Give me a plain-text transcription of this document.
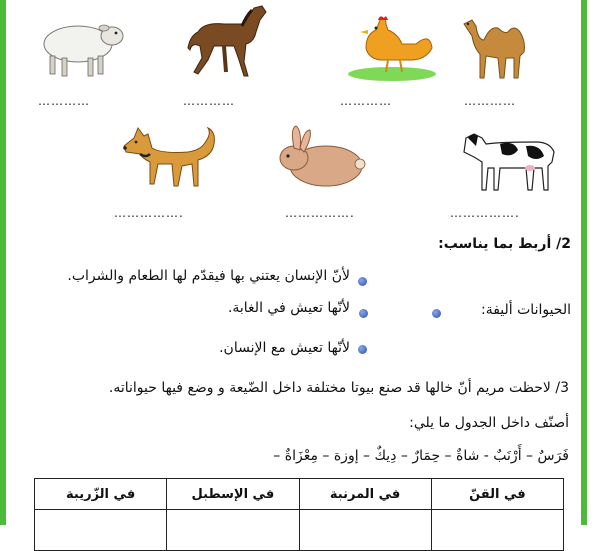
…………	…………	…………	…………
…………….	…………….	…………….
2/ أربط بما يناسب:
لأنّ الإنسان يعتني بها فيقدّم لها الطعام والشراب.
الحيوانات أليفة:
لأنّها تعيش في الغابة.
لأنّها تعيش مع الإنسان.
3/ لاحظت مريم أنّ خالها قد صنع بيوتا مختلفة داخل الضّيعة و وضع فيها حيواناته.
أصنّف داخل الجدول ما يلي:
فَرَسٌ – أَرْنَبٌ - شاةٌ – حِمَارٌ – دِيكٌ – إوزة – مِعْزَاةٌ –
في الزّريبة	في الإسطبل	في المرنبة	في القنّ
